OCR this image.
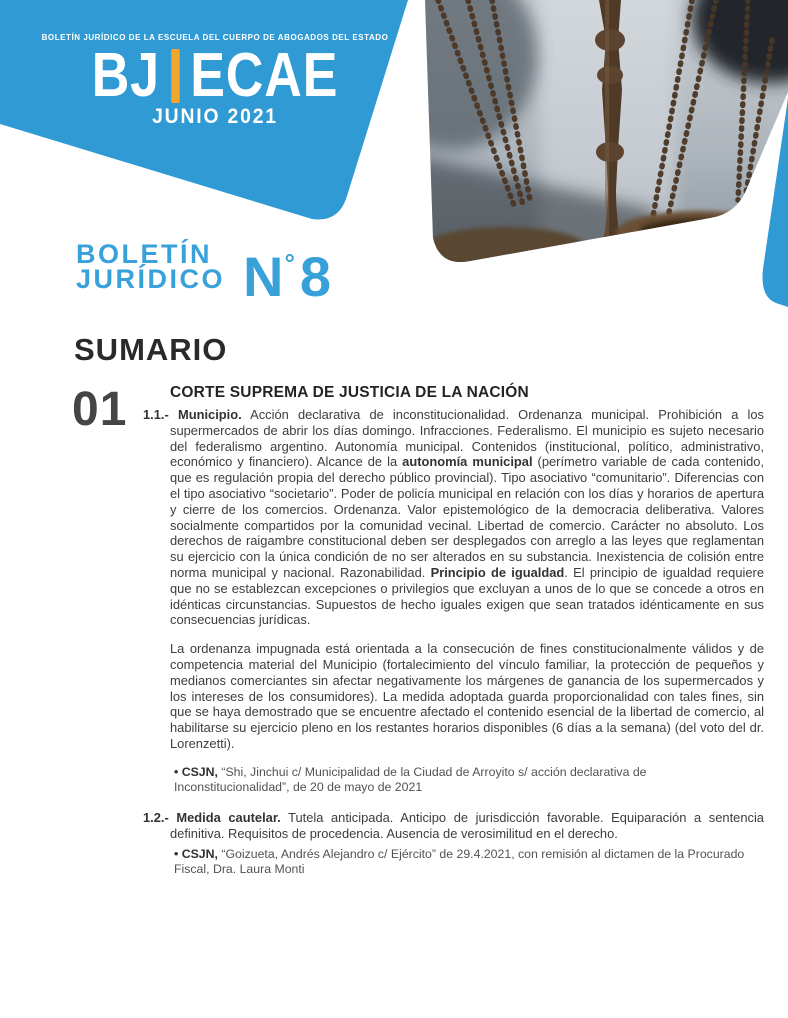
BOLETÍN JURÍDICO DE LA ESCUELA DEL CUERPO DE ABOGADOS DEL ESTADO
BJ ECAE
JUNIO 2021
BOLETÍN
JURÍDICO N°8
SUMARIO
01	CORTE SUPREMA DE JUSTICIA DE LA NACIÓN

1.1.- Municipio. Acción declarativa de inconstitucionalidad. Ordenanza municipal. Prohibición a los supermercados de abrir los días domingo. Infracciones. Federalismo. El municipio es sujeto necesario del federalismo argentino. Autonomía municipal. Contenidos (institucional, político, administrativo, económico y financiero). Alcance de la autonomía municipal (perímetro variable de cada contenido, que es regulación propia del derecho público provincial). Tipo asociativo “comunitario”. Diferencias con el tipo asociativo “societario”. Poder de policía municipal en relación con los días y horarios de apertura y cierre de los comercios. Ordenanza. Valor epistemológico de la democracia deliberativa. Valores socialmente compartidos por la comunidad vecinal. Libertad de comercio. Carácter no absoluto. Los derechos de raigambre constitucional deben ser desplegados con arreglo a las leyes que reglamentan su ejercicio con la única condición de no ser alterados en su substancia. Inexistencia de colisión entre norma municipal y nacional. Razonabilidad. Principio de igualdad. El principio de igualdad requiere que no se establezcan excepciones o privilegios que excluyan a unos de lo que se concede a otros en idénticas circunstancias. Supuestos de hecho iguales exigen que sean tratados idénticamente en sus consecuencias jurídicas.

La ordenanza impugnada está orientada a la consecución de fines constitucionalmente válidos y de competencia material del Municipio (fortalecimiento del vínculo familiar, la protección de pequeños y medianos comerciantes sin afectar negativamente los márgenes de ganancia de los supermercados y los intereses de los consumidores). La medida adoptada guarda proporcionalidad con tales fines, sin que se haya demostrado que se encuentre afectado el contenido esencial de la libertad de comercio, al habilitarse su ejercicio pleno en los restantes horarios disponibles (6 días a la semana) (del voto del dr. Lorenzetti).

• CSJN, “Shi, Jinchui c/ Municipalidad de la Ciudad de Arroyito s/ acción declarativa de Inconstitucionalidad”, de 20 de mayo de 2021

1.2.- Medida cautelar. Tutela anticipada. Anticipo de jurisdicción favorable. Equiparación a sentencia definitiva. Requisitos de procedencia. Ausencia de verosimilitud en el derecho.

• CSJN, “Goizueta, Andrés Alejandro c/ Ejército” de 29.4.2021, con remisión al dictamen de la Procurado Fiscal, Dra. Laura Monti
